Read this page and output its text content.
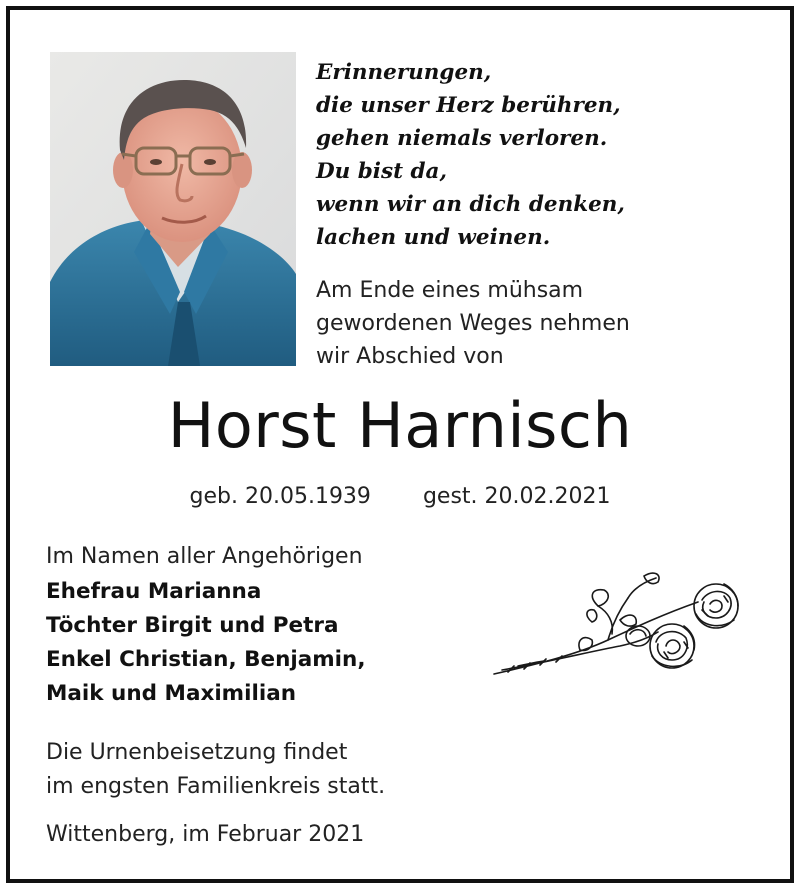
Erinnerungen,
die unser Herz berühren,
gehen niemals verloren.
Du bist da,
wenn wir an dich denken,
lachen und weinen.
Am Ende eines mühsam
gewordenen Weges nehmen
wir Abschied von
Horst Harnisch
geb. 20.05.1939 gest. 20.02.2021
Im Namen aller Angehörigen
Ehefrau Marianna
Töchter Birgit und Petra
Enkel Christian, Benjamin,
Maik und Maximilian
Die Urnenbeisetzung findet
im engsten Familienkreis statt.
Wittenberg, im Februar 2021
